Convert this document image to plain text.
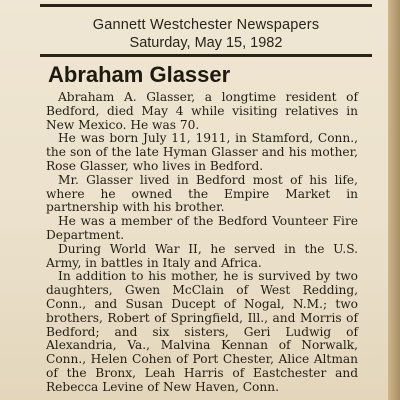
Gannett Westchester Newspapers
Saturday, May 15, 1982
Abraham Glasser

Abraham A. Glasser, a longtime resident of Bedford, died May 4 while visiting relatives in New Mexico. He was 70.

He was born July 11, 1911, in Stamford, Conn., the son of the late Hyman Glasser and his mother, Rose Glasser, who lives in Bedford.

Mr. Glasser lived in Bedford most of his life, where he owned the Empire Market in partnership with his brother.

He was a member of the Bedford Vounteer Fire Department.

During World War II, he served in the U.S. Army, in battles in Italy and Africa.

In addition to his mother, he is survived by two daughters, Gwen McClain of West Redding, Conn., and Susan Ducept of Nogal, N.M.; two brothers, Robert of Springfield, Ill., and Morris of Bedford; and six sisters, Geri Ludwig of Alexandria, Va., Malvina Kennan of Norwalk, Conn., Helen Cohen of Port Chester, Alice Altman of the Bronx, Leah Harris of Eastchester and Rebecca Levine of New Haven, Conn.
